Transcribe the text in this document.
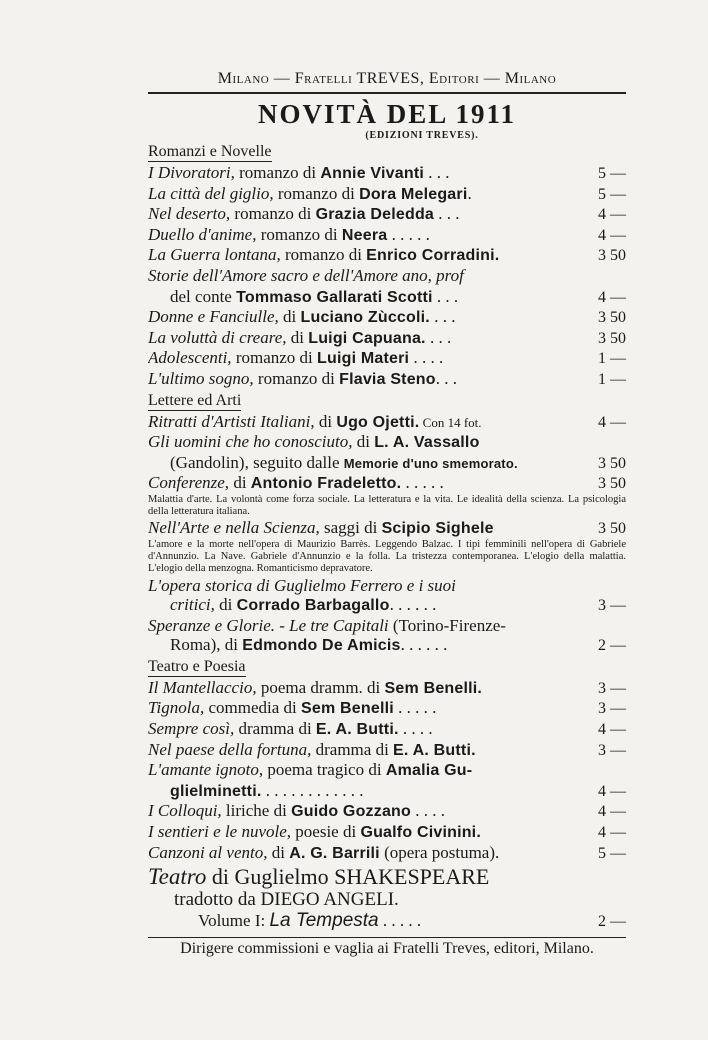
Milano — Fratelli TREVES, Editori — Milano
NOVITÀ DEL 1911
(EDIZIONI TREVES).
Romanzi e Novelle
I Divoratori, romanzo di Annie Vivanti . . .	5 —
La città del giglio, romanzo di Dora Melegari.	5 —
Nel deserto, romanzo di Grazia Deledda . . .	4 —
Duello d'anime, romanzo di Neera . . . . .	4 —
La Guerra lontana, romanzo di Enrico Corradini.	3 50
Storie dell'Amore sacro e dell'Amore ano, prof
del conte Tommaso Gallarati Scotti . . .	4 —
Donne e Fanciulle, di Luciano Zùccoli. . . .	3 50
La voluttà di creare, di Luigi Capuana. . . .	3 50
Adolescenti, romanzo di Luigi Materi . . . .	1 —
L'ultimo sogno, romanzo di Flavia Steno. . .	1 —
Lettere ed Arti
Ritratti d'Artisti Italiani, di Ugo Ojetti. Con 14 fot.	4 —
Gli uomini che ho conosciuto, di L. A. Vassallo
(Gandolin), seguito dalle Memorie d'uno smemorato.	3 50
Conferenze, di Antonio Fradeletto. . . . . .	3 50
Malattia d'arte. La volontà come forza sociale. La letteratura e la vita. Le idealità della scienza. La psicologia della letteratura italiana.
Nell'Arte e nella Scienza, saggi di Scipio Sighele	3 50
L'amore e la morte nell'opera di Maurizio Barrès. Leggendo Balzac. I tipi femminili nell'opera di Gabriele d'Annunzio. La Nave. Gabriele d'Annunzio e la folla. La tristezza contemporanea. L'elogio della malattia. L'elogio della menzogna. Romanticismo depravatore.
L'opera storica di Guglielmo Ferrero e i suoi
critici, di Corrado Barbagallo. . . . . .	3 —
Speranze e Glorie. - Le tre Capitali (Torino-Firenze-
Roma), di Edmondo De Amicis. . . . . .	2 —
Teatro e Poesia
Il Mantellaccio, poema dramm. di Sem Benelli.	3 —
Tignola, commedia di Sem Benelli . . . . .	3 —
Sempre così, dramma di E. A. Butti. . . . .	4 —
Nel paese della fortuna, dramma di E. A. Butti.	3 —
L'amante ignoto, poema tragico di Amalia Gu-
glielminetti. . . . . . . . . . . . .	4 —
I Colloqui, liriche di Guido Gozzano . . . .	4 —
I sentieri e le nuvole, poesie di Gualfo Civinini.	4 —
Canzoni al vento, di A. G. Barrili (opera postuma).	5 —
Teatro di Guglielmo SHAKESPEARE
tradotto da DIEGO ANGELI.
Volume I: La Tempesta . . . . .	2 —
Dirigere commissioni e vaglia ai Fratelli Treves, editori, Milano.
